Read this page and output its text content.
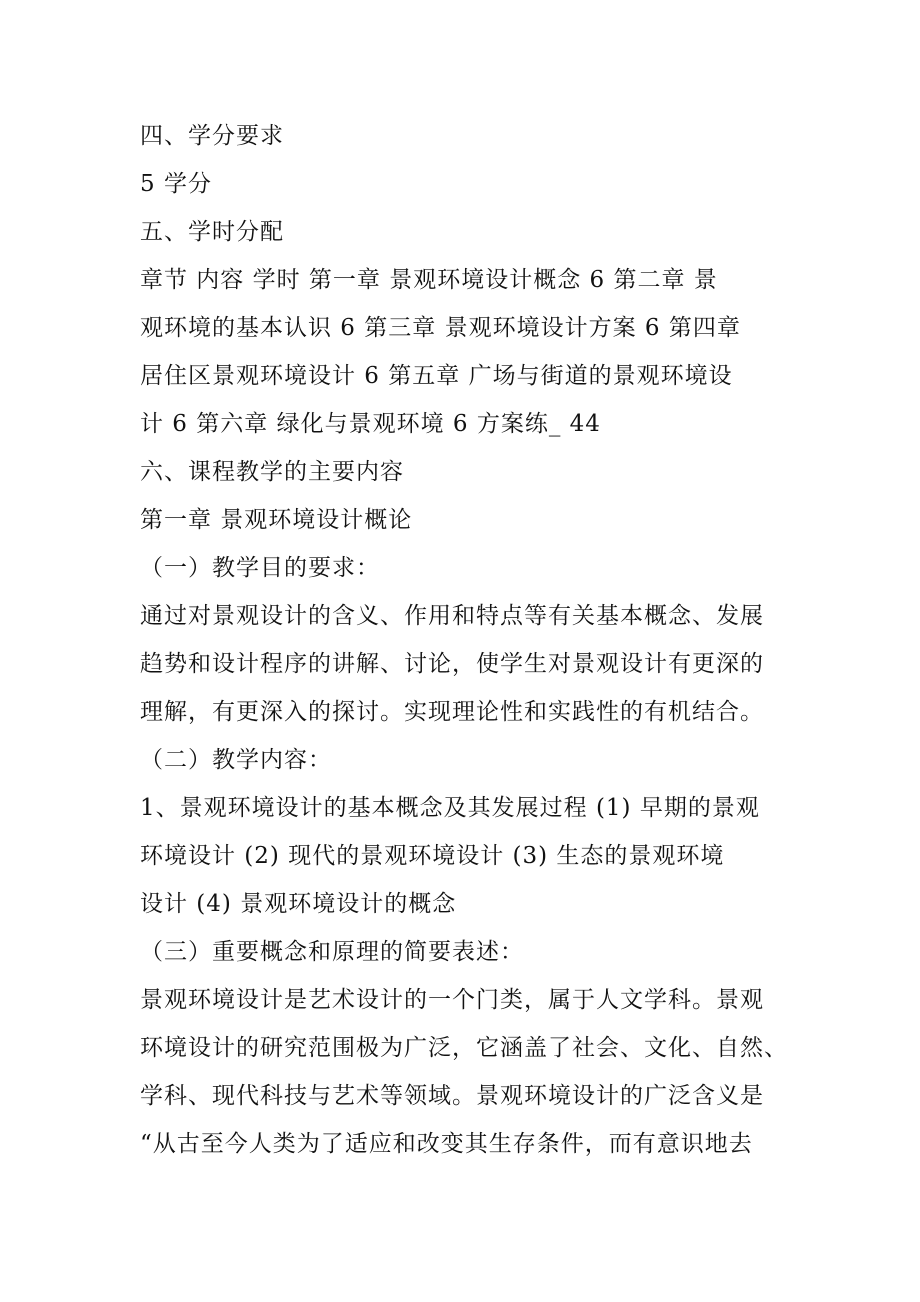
四、学分要求
5 学分
五、学时分配
章节 内容 学时 第一章 景观环境设计概念 6 第二章 景
观环境的基本认识 6 第三章 景观环境设计方案 6 第四章
居住区景观环境设计 6 第五章 广场与街道的景观环境设
计 6 第六章 绿化与景观环境 6 方案练_ 44
六、课程教学的主要内容
第一章 景观环境设计概论
（一）教学目的要求：
通过对景观设计的含义、作用和特点等有关基本概念、发展
趋势和设计程序的讲解、讨论，使学生对景观设计有更深的
理解，有更深入的探讨。实现理论性和实践性的有机结合。
（二）教学内容：
1、景观环境设计的基本概念及其发展过程 (1) 早期的景观
环境设计 (2) 现代的景观环境设计 (3) 生态的景观环境
设计 (4) 景观环境设计的概念
（三）重要概念和原理的简要表述：
景观环境设计是艺术设计的一个门类，属于人文学科。景观
环境设计的研究范围极为广泛，它涵盖了社会、文化、自然、
学科、现代科技与艺术等领域。景观环境设计的广泛含义是
“从古至今人类为了适应和改变其生存条件，而有意识地去
